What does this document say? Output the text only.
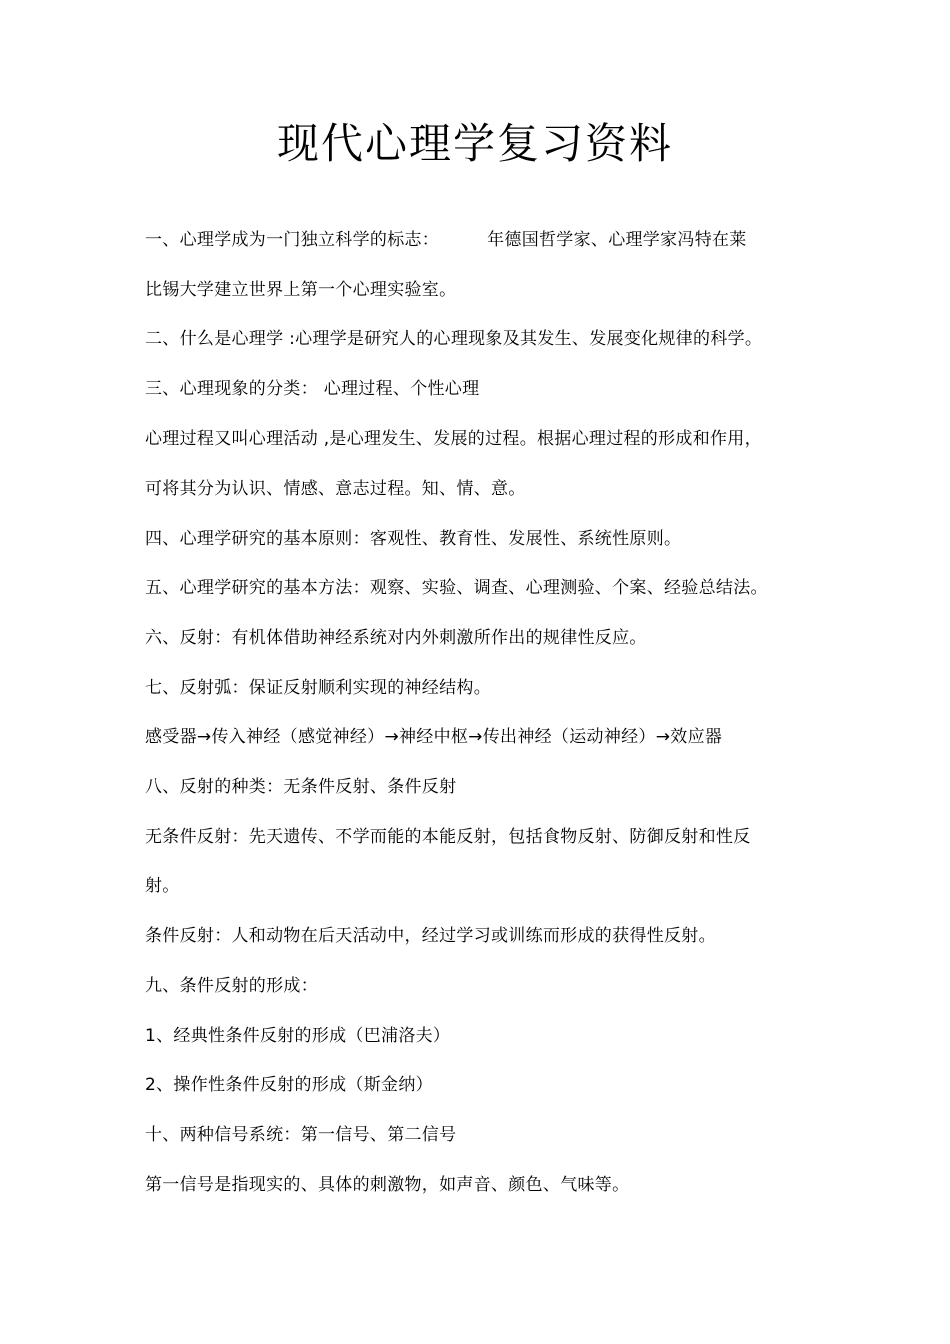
现代心理学复习资料
一、心理学成为一门独立科学的标志：	年德国哲学家、心理学家冯特在莱
比锡大学建立世界上第一个心理实验室。
二、什么是心理学 :心理学是研究人的心理现象及其发生、发展变化规律的科学。
三、心理现象的分类： 心理过程、个性心理
心理过程又叫心理活动 ,是心理发生、发展的过程。根据心理过程的形成和作用，
可将其分为认识、情感、意志过程。知、情、意。
四、心理学研究的基本原则：客观性、教育性、发展性、系统性原则。
五、心理学研究的基本方法：观察、实验、调查、心理测验、个案、经验总结法。
六、反射：有机体借助神经系统对内外刺激所作出的规律性反应。
七、反射弧：保证反射顺利实现的神经结构。
感受器→传入神经（感觉神经）→神经中枢→传出神经（运动神经）→效应器
八、反射的种类：无条件反射、条件反射
无条件反射：先天遗传、不学而能的本能反射，包括食物反射、防御反射和性反
射。
条件反射：人和动物在后天活动中，经过学习或训练而形成的获得性反射。
九、条件反射的形成：
1、经典性条件反射的形成（巴浦洛夫）
2、操作性条件反射的形成（斯金纳）
十、两种信号系统：第一信号、第二信号
第一信号是指现实的、具体的刺激物，如声音、颜色、气味等。
